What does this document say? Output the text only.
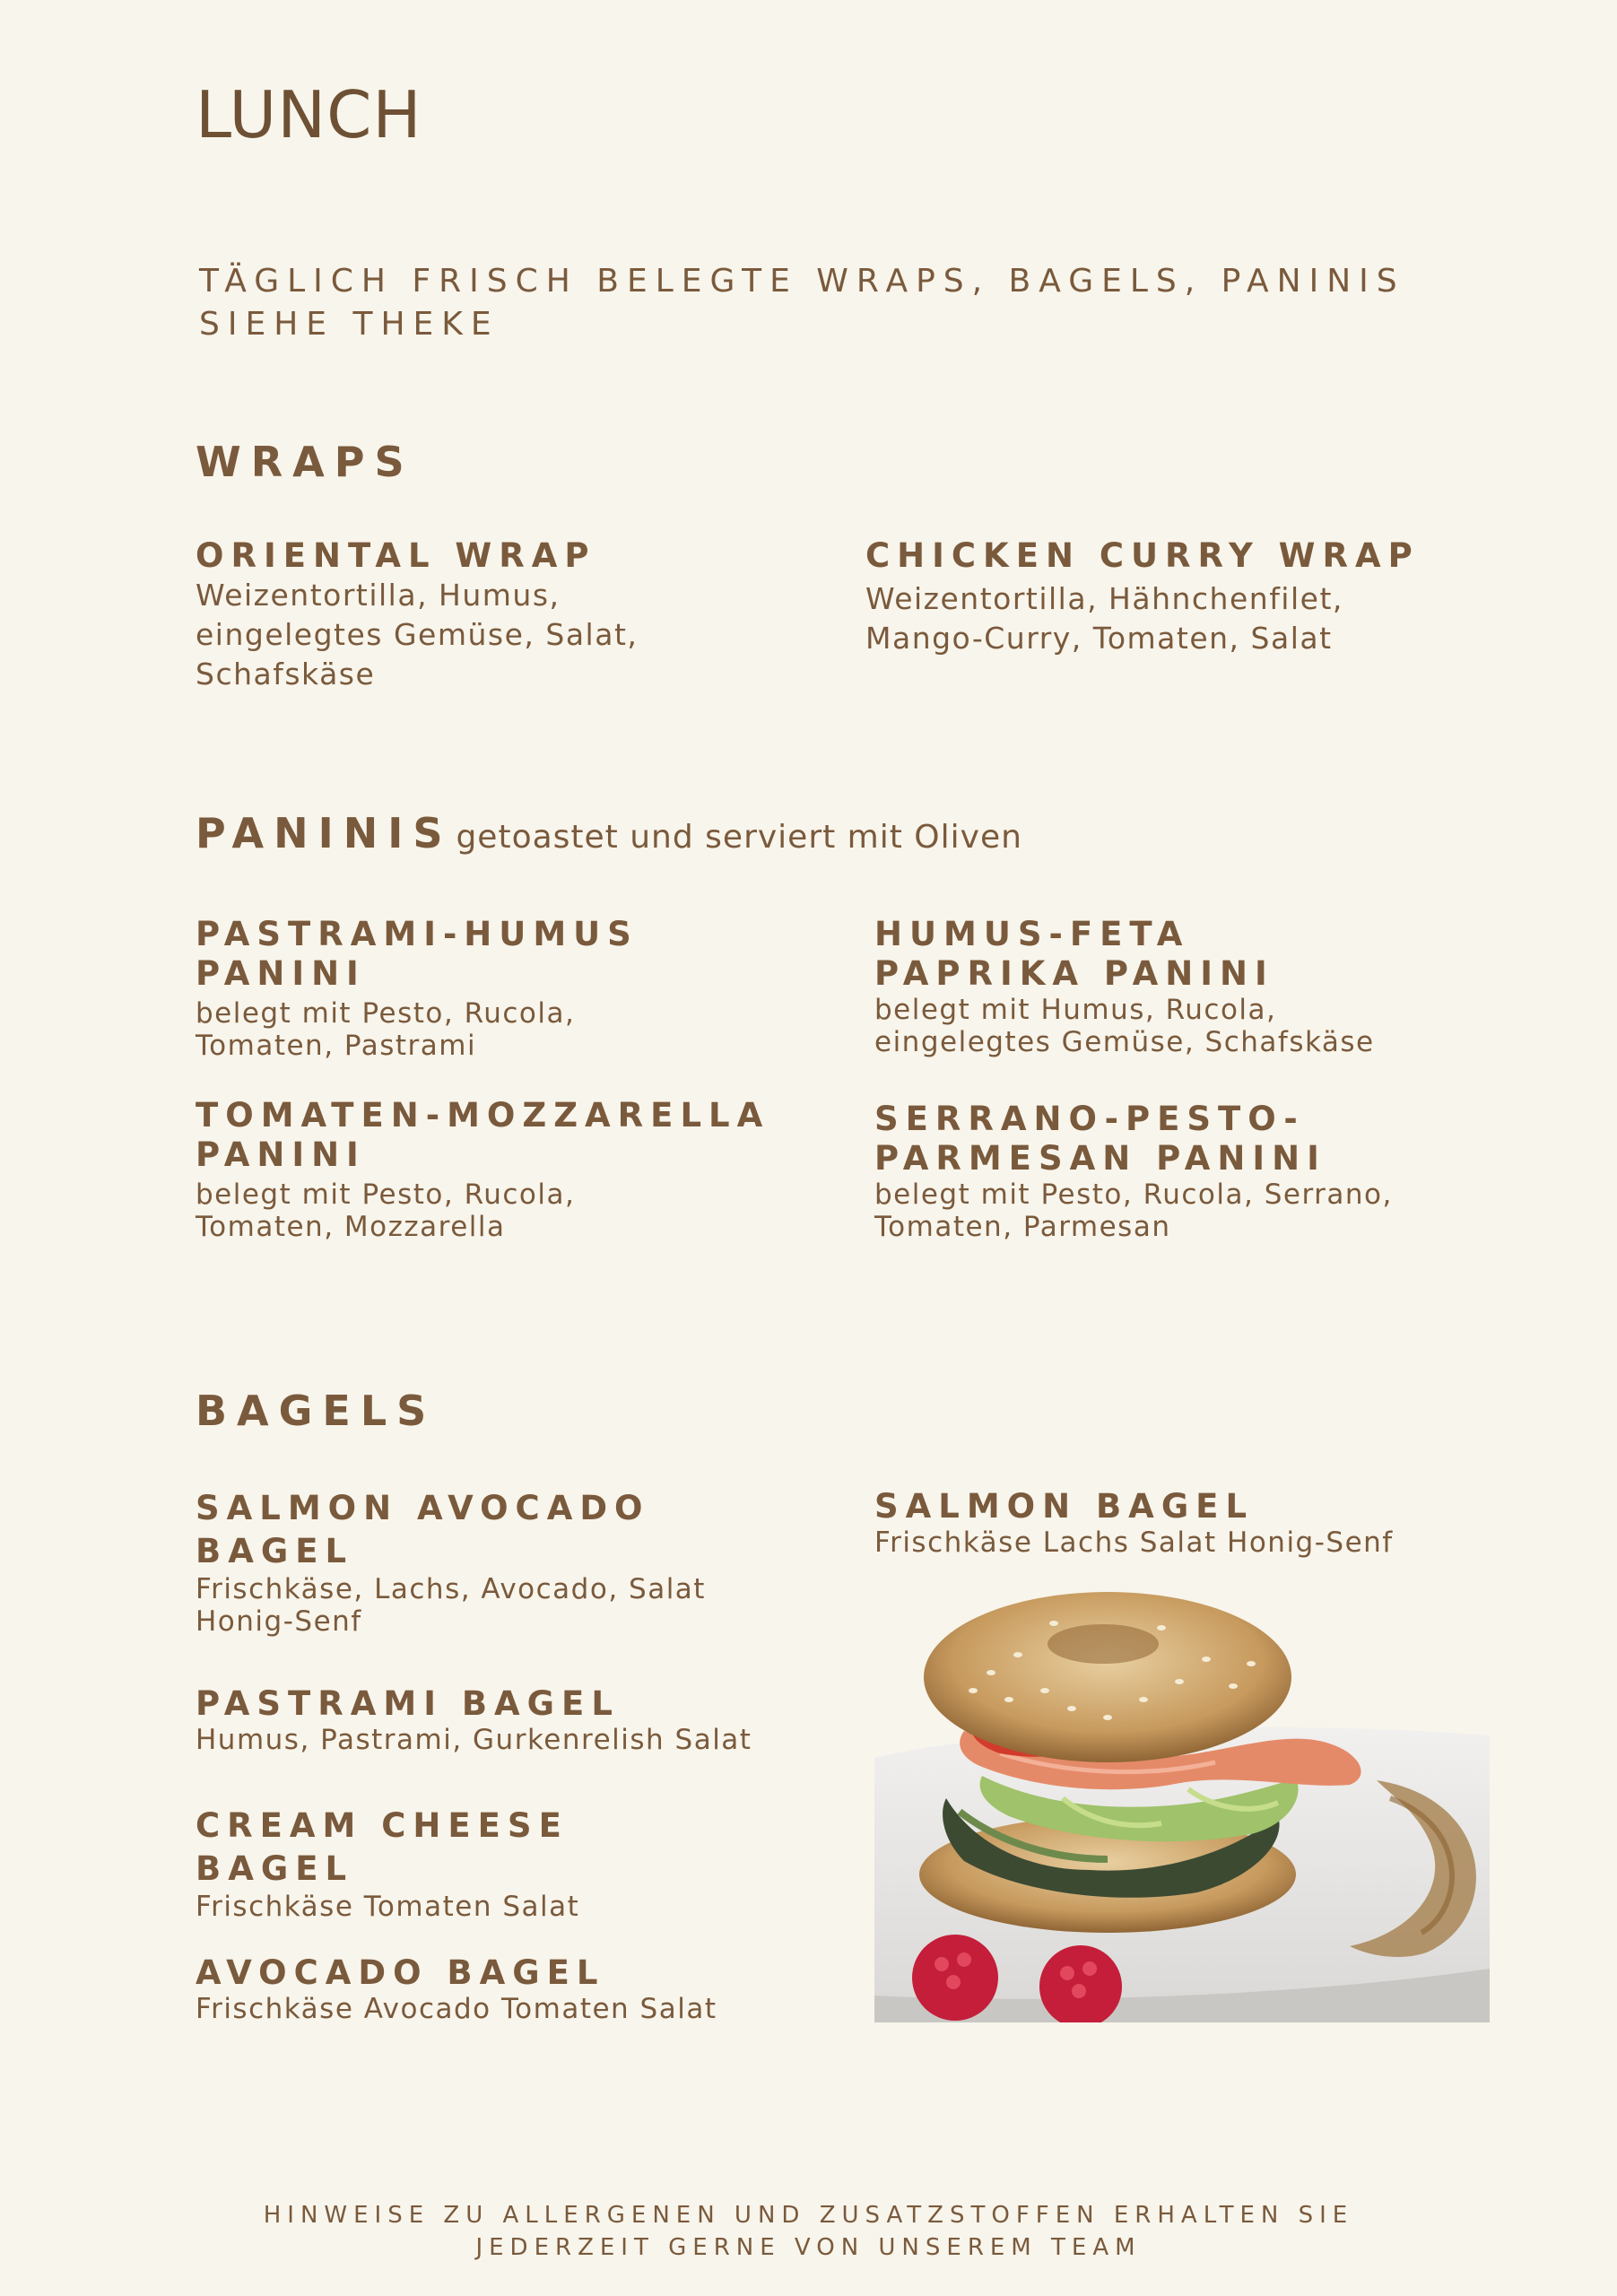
LUNCH
TÄGLICH FRISCH BELEGTE WRAPS, BAGELS, PANINIS
SIEHE THEKE
WRAPS
ORIENTAL WRAP
Weizentortilla, Humus,
eingelegtes Gemüse, Salat,
Schafskäse
CHICKEN CURRY WRAP
Weizentortilla, Hähnchenfilet,
Mango-Curry, Tomaten, Salat
PANINIS getoastet und serviert mit Oliven
PASTRAMI-HUMUS
PANINI
belegt mit Pesto, Rucola,
Tomaten, Pastrami
HUMUS-FETA
PAPRIKA PANINI
belegt mit Humus, Rucola,
eingelegtes Gemüse, Schafskäse
TOMATEN-MOZZARELLA
PANINI
belegt mit Pesto, Rucola,
Tomaten, Mozzarella
SERRANO-PESTO-
PARMESAN PANINI
belegt mit Pesto, Rucola, Serrano,
Tomaten, Parmesan
BAGELS
SALMON AVOCADO
BAGEL
Frischkäse, Lachs, Avocado, Salat
Honig-Senf
SALMON BAGEL
Frischkäse Lachs Salat Honig-Senf
PASTRAMI BAGEL
Humus, Pastrami, Gurkenrelish Salat
CREAM CHEESE
BAGEL
Frischkäse Tomaten Salat
AVOCADO BAGEL
Frischkäse Avocado Tomaten Salat
HINWEISE ZU ALLERGENEN UND ZUSATZSTOFFEN ERHALTEN SIE
JEDERZEIT GERNE VON UNSEREM TEAM
